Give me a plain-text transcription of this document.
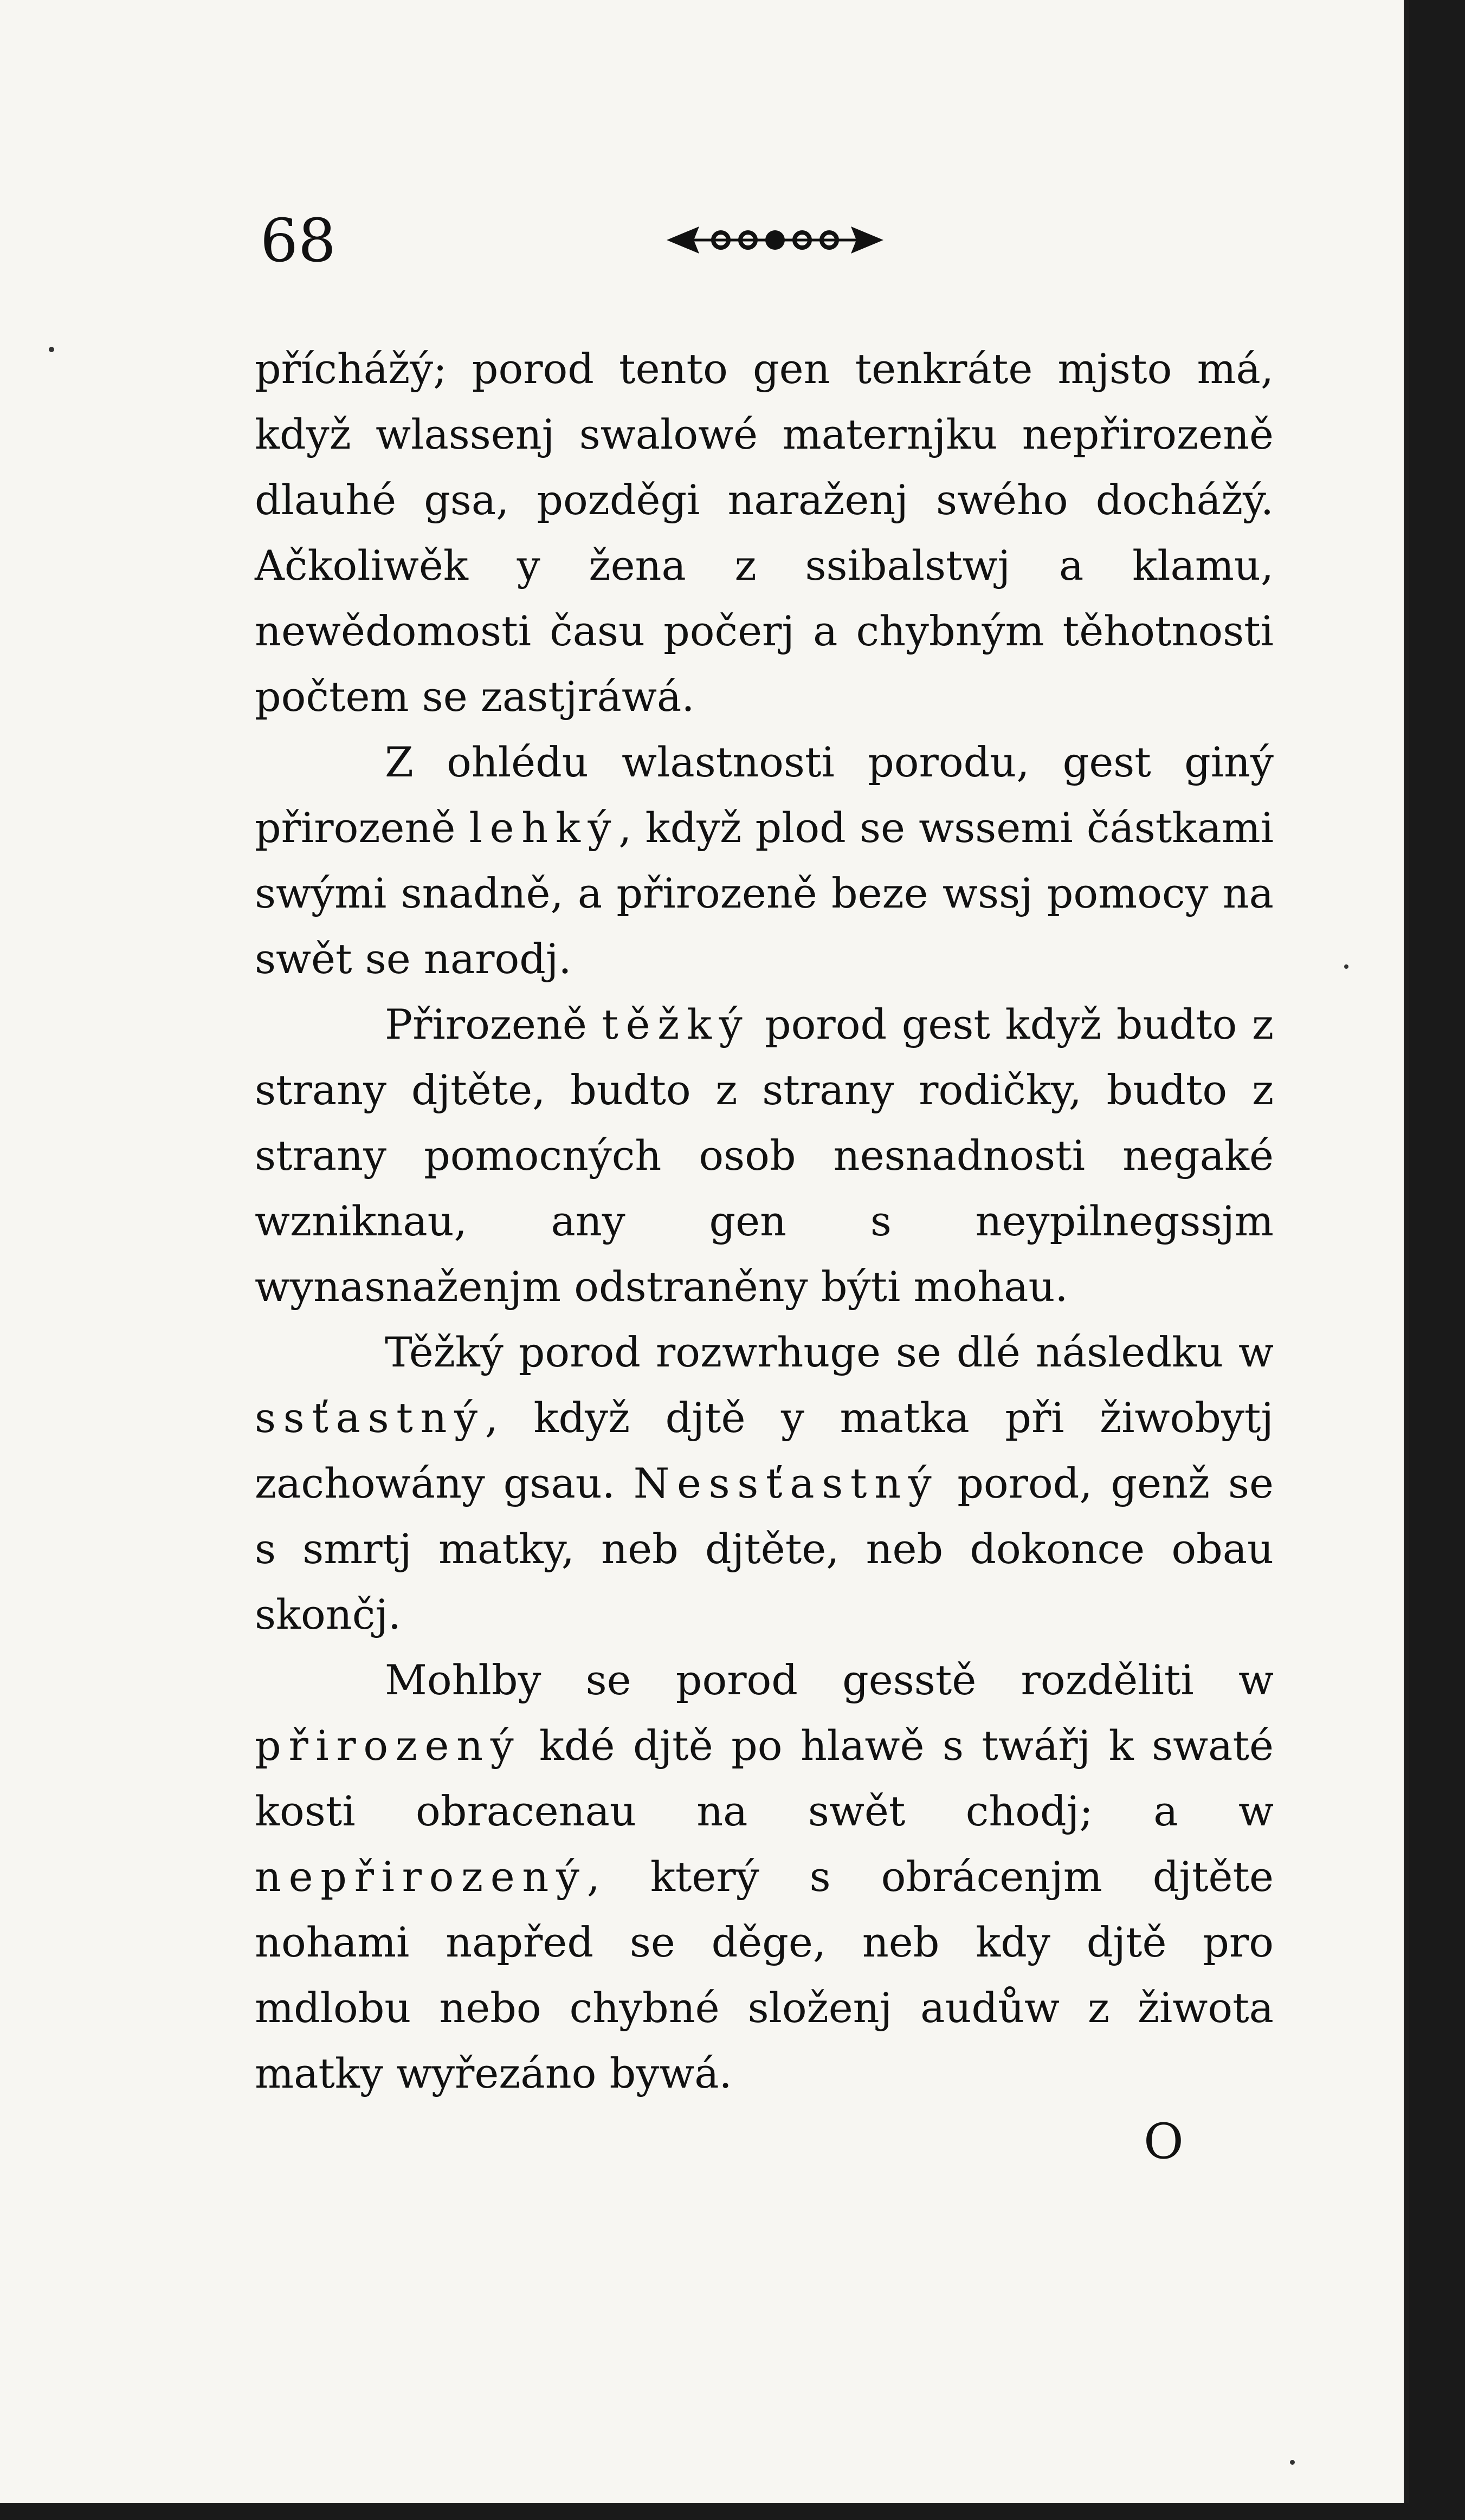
68

příchážý; porod tento gen tenkráte mjsto má, když wlassenj swalowé maternjku nepřirozeně dlauhé gsa, pozděgi naraženj swého dochážý. Ačkoliwěk y žena z ssibalstwj a klamu, newědomosti času počerj a chybným těhotnosti počtem se zastjráwá.

Z ohlédu wlastnosti porodu, gest giný přirozeně lehký, když plod se wssemi částkami swými snadně, a přirozeně beze wssj pomocy na swět se narodj.

Přirozeně těžký porod gest když budto z strany djtěte, budto z strany rodičky, budto z strany pomocných osob nesnadnosti negaké wzniknau, any gen s neypilnegssjm wynasnaženjm odstraněny býti mohau.

Těžký porod rozwrhuge se dlé následku w ssťastný, když djtě y matka při žiwobytj zachowány gsau. Nessťastný porod, genž se s smrtj matky, neb djtěte, neb dokonce obau skončj.

Mohlby se porod gesstě rozděliti w přirozený kdé djtě po hlawě s twářj k swaté kosti obracenau na swět chodj; a w nepřirozený, který s obrácenjm djtěte nohami napřed se děge, neb kdy djtě pro mdlobu nebo chybné složenj audůw z žiwota matky wyřezáno bywá.

O
